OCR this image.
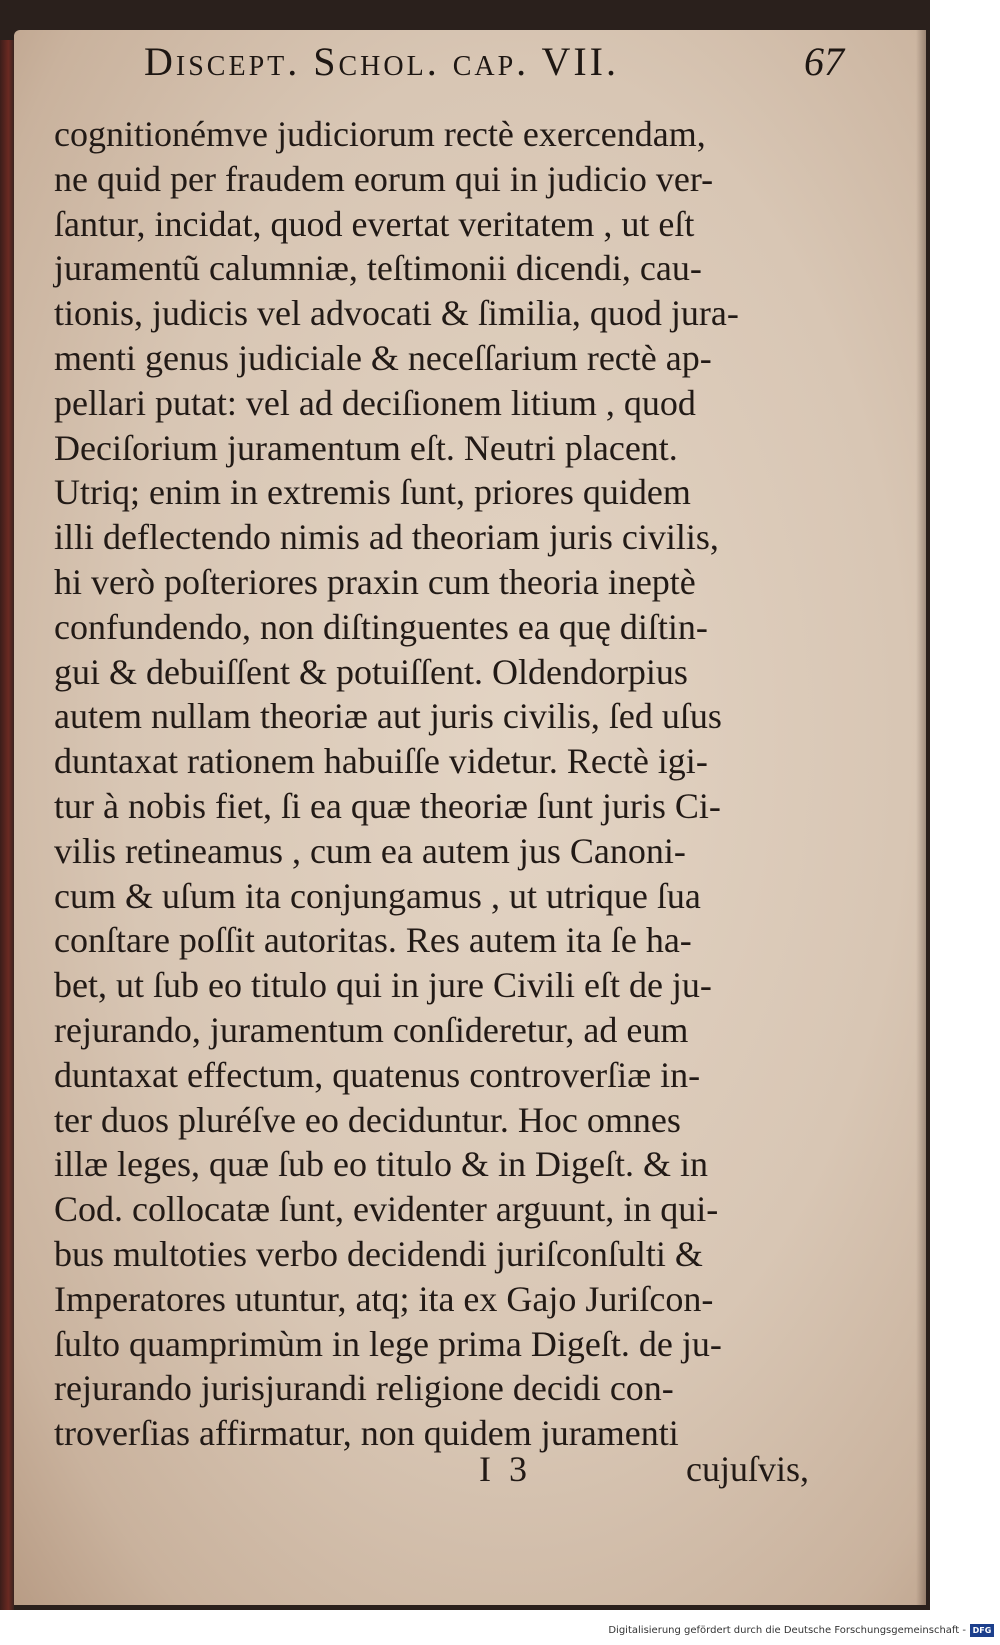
Discept. Schol. cap. VII.	67
cognitionémve judiciorum rectè exercendam,
ne quid per fraudem eorum qui in judicio ver-
ſantur, incidat, quod evertat veritatem , ut eſt
juramentũ calumniæ, teſtimonii dicendi, cau-
tionis, judicis vel advocati & ſimilia, quod jura-
menti genus judiciale & neceſſarium rectè ap-
pellari putat: vel ad deciſionem litium , quod
Deciſorium juramentum eſt. Neutri placent.
Utriq; enim in extremis ſunt, priores quidem
illi deflectendo nimis ad theoriam juris civilis,
hi verò poſteriores praxin cum theoria ineptè
confundendo, non diſtinguentes ea quę diſtin-
gui & debuiſſent & potuiſſent. Oldendorpius
autem nullam theoriæ aut juris civilis, ſed uſus
duntaxat rationem habuiſſe videtur. Rectè igi-
tur à nobis fiet, ſi ea quæ theoriæ ſunt juris Ci-
vilis retineamus , cum ea autem jus Canoni-
cum & uſum ita conjungamus , ut utrique ſua
conſtare poſſit autoritas. Res autem ita ſe ha-
bet, ut ſub eo titulo qui in jure Civili eſt de ju-
rejurando, juramentum conſideretur, ad eum
duntaxat effectum, quatenus controverſiæ in-
ter duos pluréſve eo deciduntur. Hoc omnes
illæ leges, quæ ſub eo titulo & in Digeſt. & in
Cod. collocatæ ſunt, evidenter arguunt, in qui-
bus multoties verbo decidendi juriſconſulti &
Imperatores utuntur, atq; ita ex Gajo Juriſcon-
ſulto quamprimùm in lege prima Digeſt. de ju-
rejurando jurisjurandi religione decidi con-
troverſias affirmatur, non quidem juramenti
I  3	cujuſvis,
Digitalisierung gefördert durch die Deutsche Forschungsgemeinschaft - DFG
